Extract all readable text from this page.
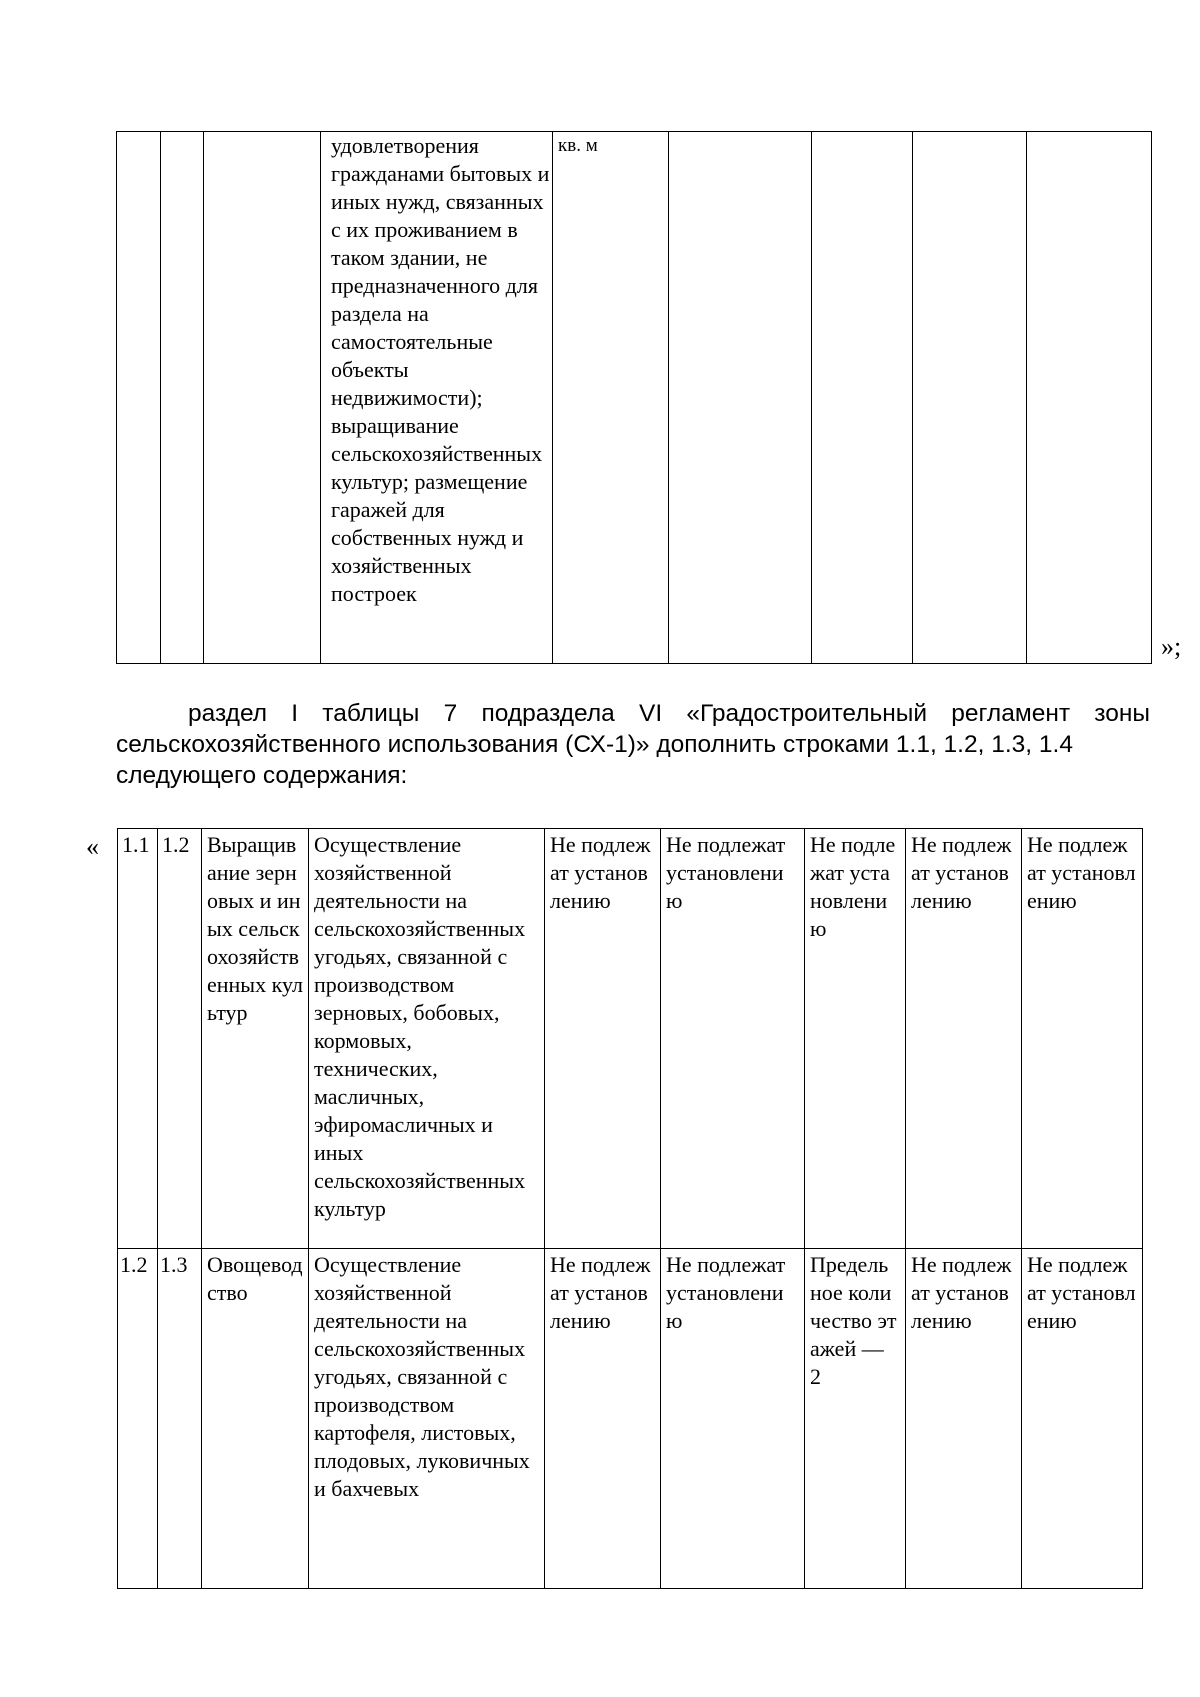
			удовлетворения гражданами бытовых и иных нужд, связанных с их проживанием в таком здании, не предназначенного для раздела на самостоятельные объекты недвижимости); выращивание сельскохозяйственных культур; размещение гаражей для собственных нужд и хозяйственных построек	кв. м				
»;
раздел I таблицы 7 подраздела VI «Градостроительный регламент зоны
сельскохозяйственного использования (СХ-1)» дополнить строками 1.1, 1.2, 1.3, 1.4
следующего содержания:
« 1.1	1.2	Выращивание зерновых и иных сельскохозяйственных культур	Осуществление хозяйственной деятельности на сельскохозяйственных угодьях, связанной с производством зерновых, бобовых, кормовых, технических, масличных, эфиромасличных и иных сельскохозяйственных культур	Не подлежат установлению	Не подлежат установлению	Не подлежат установлению	Не подлежат установлению	Не подлежат установлению
1.2	1.3	Овощеводство	Осуществление хозяйственной деятельности на сельскохозяйственных угодьях, связанной с производством картофеля, листовых, плодовых, луковичных и бахчевых	Не подлежат установлению	Не подлежат установлению	Предельное количество этажей — 2	Не подлежат установлению	Не подлежат установлению
